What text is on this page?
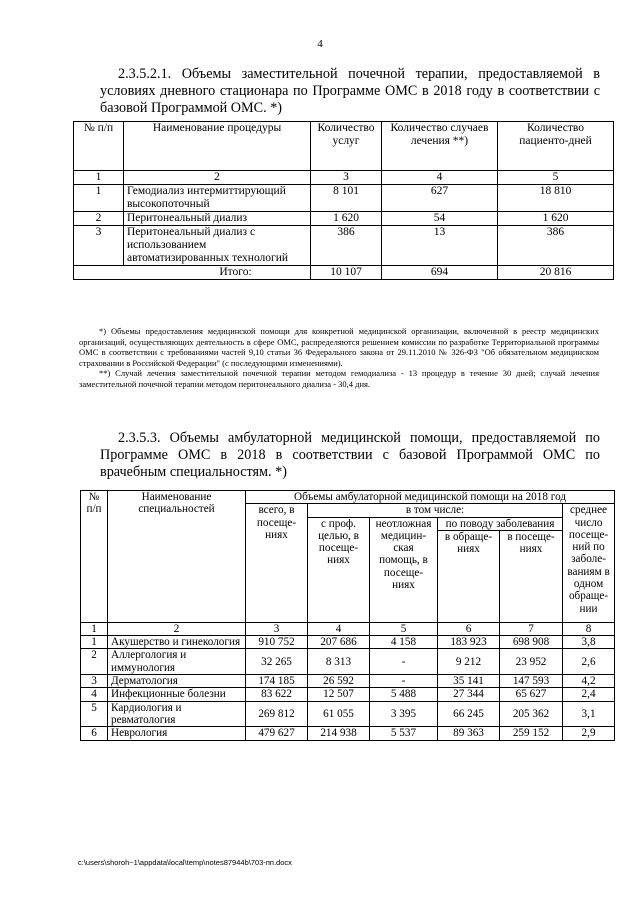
4
2.3.5.2.1. Объемы заместительной почечной терапии, предоставляемой в условиях дневного стационара по Программе ОМС в 2018 году в соответствии с базовой Программой ОМС. *)
№ п/п	Наименование процедуры	Количество услуг	Количество случаев лечения **)	Количество пациенто-дней
1	2	3	4	5
1	Гемодиализ интермиттирующий высокопоточный	8 101	627	18 810
2	Перитонеальный диализ	1 620	54	1 620
3	Перитонеальный диализ с использованием автоматизированных технологий	386	13	386
Итого:		10 107	694	20 816

*) Объемы предоставления медицинской помощи для конкретной медицинской организации, включенной в реестр медицинских организаций, осуществляющих деятельность в сфере ОМС, распределяются решением комиссии по разработке Территориальной программы ОМС в соответствии с требованиями частей 9,10 статьи 36 Федерального закона от 29.11.2010 № 326-ФЗ "Об обязательном медицинском страховании в Российской Федерации" (с последующими изменениями).

**) Случай лечения заместительной почечной терапии методом гемодиализа - 13 процедур в течение 30 дней; случай лечения заместительной почечной терапии методом перитонеального диализа - 30,4 дня.

2.3.5.3. Объемы амбулаторной медицинской помощи, предоставляемой по Программе ОМС в 2018 в соответствии с базовой Программой ОМС по врачебным специальностям. *)
№ п/п	Наименование специальностей	Объемы амбулаторной медицинской помощи на 2018 год					
		всего, в посеще-ниях	в том числе:				среднее число посеще-ний по заболе-ваниям в одном обраще-нии
			с проф. целью, в посеще-ниях	неотложная медицин-ская помощь, в посеще-ниях	по поводу заболевания		
					в обраще-ниях	в посеще-ниях	
1	2	3	4	5	6	7	8
1	Акушерство и гинекология	910 752	207 686	4 158	183 923	698 908	3,8
2	Аллергология и иммунология	32 265	8 313	-	9 212	23 952	2,6
3	Дерматология	174 185	26 592	-	35 141	147 593	4,2
4	Инфекционные болезни	83 622	12 507	5 488	27 344	65 627	2,4
5	Кардиология и ревматология	269 812	61 055	3 395	66 245	205 362	3,1
6	Неврология	479 627	214 938	5 537	89 363	259 152	2,9
c:\users\shoroh~1\appdata\local\temp\notes87944b\703-пп.docx
